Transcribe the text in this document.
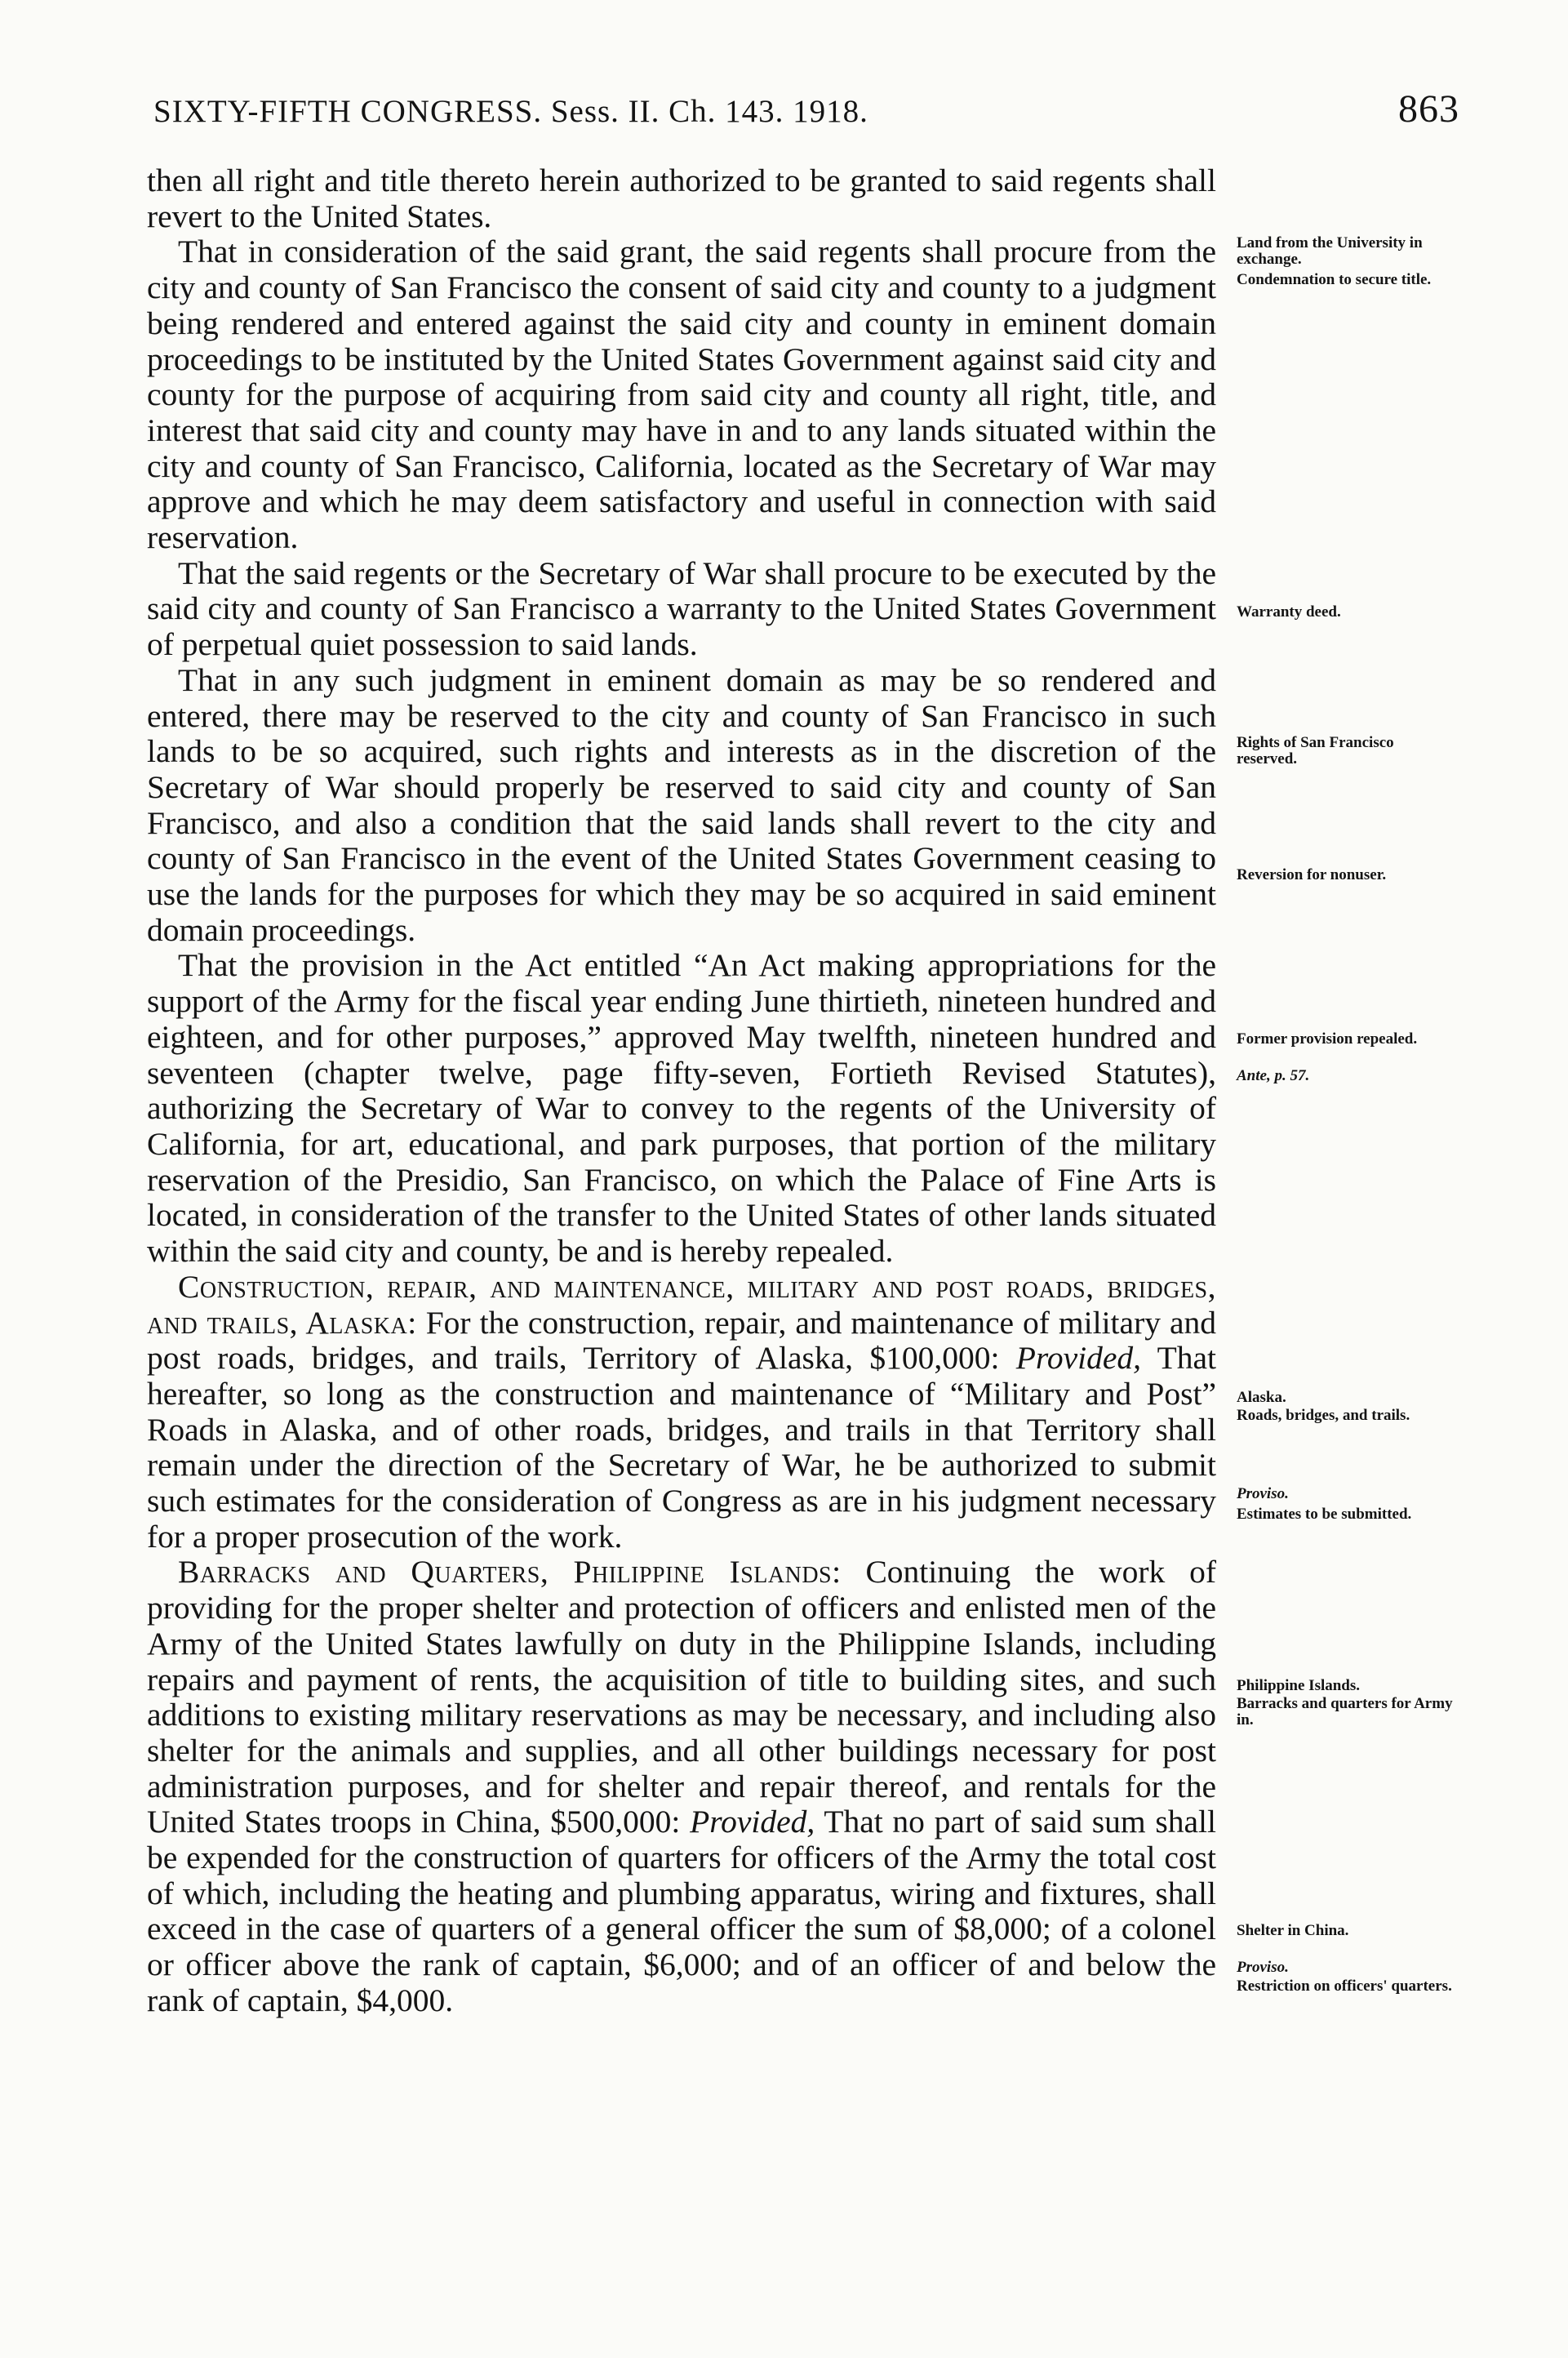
SIXTY-FIFTH CONGRESS. Sess. II. Ch. 143. 1918.	863

then all right and title thereto herein authorized to be granted to said regents shall revert to the United States.

That in consideration of the said grant, the said regents shall procure from the city and county of San Francisco the consent of said city and county to a judgment being rendered and entered against the said city and county in eminent domain proceedings to be instituted by the United States Government against said city and county for the purpose of acquiring from said city and county all right, title, and interest that said city and county may have in and to any lands situated within the city and county of San Francisco, California, located as the Secretary of War may approve and which he may deem satisfactory and useful in connection with said reservation.

That the said regents or the Secretary of War shall procure to be executed by the said city and county of San Francisco a warranty to the United States Government of perpetual quiet possession to said lands.

That in any such judgment in eminent domain as may be so rendered and entered, there may be reserved to the city and county of San Francisco in such lands to be so acquired, such rights and interests as in the discretion of the Secretary of War should properly be reserved to said city and county of San Francisco, and also a condition that the said lands shall revert to the city and county of San Francisco in the event of the United States Government ceasing to use the lands for the purposes for which they may be so acquired in said eminent domain proceedings.

That the provision in the Act entitled “An Act making appropriations for the support of the Army for the fiscal year ending June thirtieth, nineteen hundred and eighteen, and for other purposes,” approved May twelfth, nineteen hundred and seventeen (chapter twelve, page fifty-seven, Fortieth Revised Statutes), authorizing the Secretary of War to convey to the regents of the University of California, for art, educational, and park purposes, that portion of the military reservation of the Presidio, San Francisco, on which the Palace of Fine Arts is located, in consideration of the transfer to the United States of other lands situated within the said city and county, be and is hereby repealed.

Construction, repair, and maintenance, military and post roads, bridges, and trails, Alaska: For the construction, repair, and maintenance of military and post roads, bridges, and trails, Territory of Alaska, $100,000: Provided, That hereafter, so long as the construction and maintenance of “Military and Post” Roads in Alaska, and of other roads, bridges, and trails in that Territory shall remain under the direction of the Secretary of War, he be authorized to submit such estimates for the consideration of Congress as are in his judgment necessary for a proper prosecution of the work.

Barracks and Quarters, Philippine Islands: Continuing the work of providing for the proper shelter and protection of officers and enlisted men of the Army of the United States lawfully on duty in the Philippine Islands, including repairs and payment of rents, the acquisition of title to building sites, and such additions to existing military reservations as may be necessary, and including also shelter for the animals and supplies, and all other buildings necessary for post administration purposes, and for shelter and repair thereof, and rentals for the United States troops in China, $500,000: Provided, That no part of said sum shall be expended for the construction of quarters for officers of the Army the total cost of which, including the heating and plumbing apparatus, wiring and fixtures, shall exceed in the case of quarters of a general officer the sum of $8,000; of a colonel or officer above the rank of captain, $6,000; and of an officer of and below the rank of captain, $4,000.

Land from the University in exchange.
Condemnation to secure title.
Warranty deed.
Rights of San Francisco reserved.
Reversion for nonuser.
Former provision repealed.
Ante, p. 57.
Alaska.
Roads, bridges, and trails.
Proviso.
Estimates to be submitted.
Philippine Islands.
Barracks and quarters for Army in.
Shelter in China.
Proviso.
Restriction on officers' quarters.
